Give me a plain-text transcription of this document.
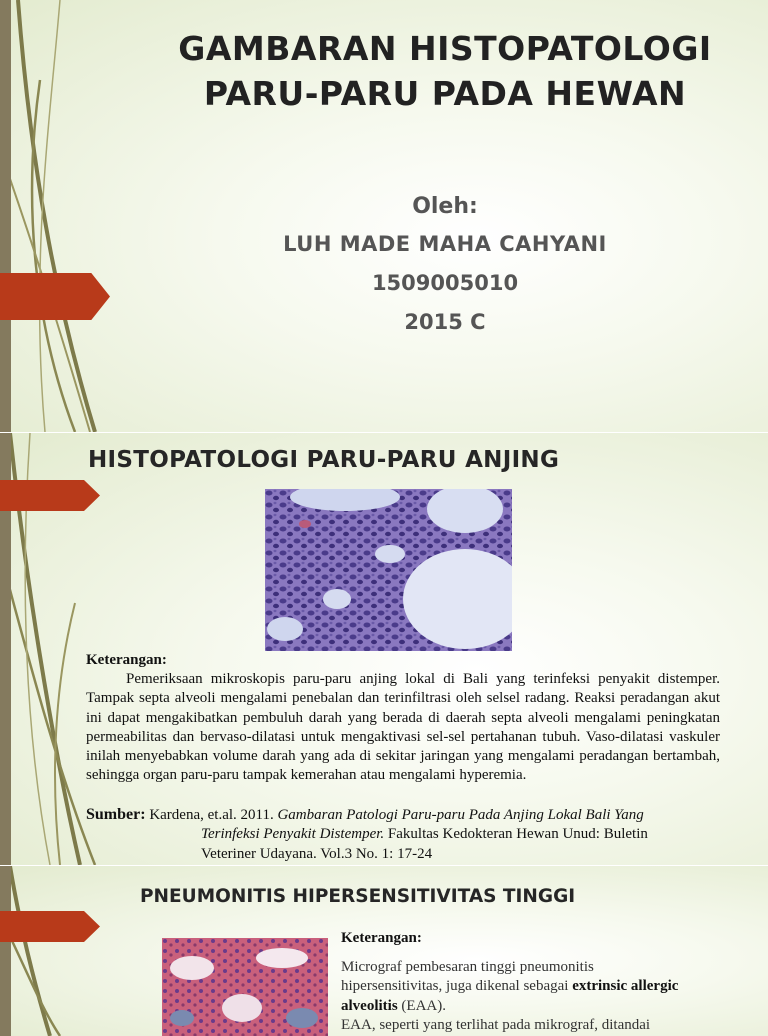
GAMBARAN HISTOPATOLOGI
PARU-PARU PADA HEWAN
Oleh:
LUH MADE MAHA CAHYANI
1509005010
2015 C
HISTOPATOLOGI PARU-PARU ANJING
Keterangan:
Pemeriksaan mikroskopis paru-paru anjing lokal di Bali yang terinfeksi penyakit distemper. Tampak septa alveoli mengalami penebalan dan terinfiltrasi oleh selsel radang. Reaksi peradangan akut ini dapat mengakibatkan pembuluh darah yang berada di daerah septa alveoli mengalami peningkatan permeabilitas dan bervaso-dilatasi untuk mengaktivasi sel-sel pertahanan tubuh. Vaso-dilatasi vaskuler inilah menyebabkan volume darah yang ada di sekitar jaringan yang mengalami peradangan bertambah, sehingga organ paru-paru tampak kemerahan atau mengalami hyperemia.
Sumber: Kardena, et.al. 2011. Gambaran Patologi Paru-paru Pada Anjing Lokal Bali Yang
Terinfeksi Penyakit Distemper. Fakultas Kedokteran Hewan Unud: Buletin
Veteriner Udayana. Vol.3 No. 1: 17-24
PNEUMONITIS HIPERSENSITIVITAS TINGGI
Keterangan:
Micrograf pembesaran tinggi pneumonitis hipersensitivitas, juga dikenal sebagai extrinsic allergic alveolitis (EAA).
EAA, seperti yang terlihat pada mikrograf, ditandai
